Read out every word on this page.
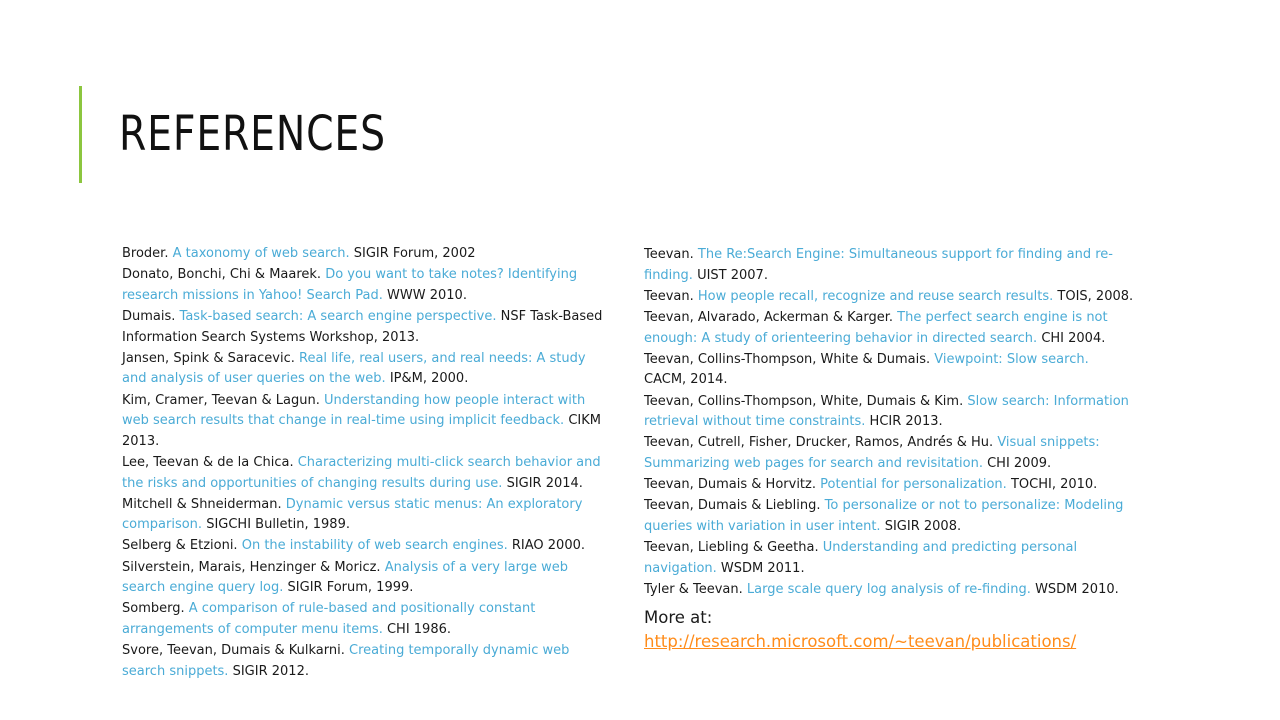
REFERENCES
Broder. A taxonomy of web search. SIGIR Forum, 2002
Donato, Bonchi, Chi & Maarek. Do you want to take notes? Identifying research missions in Yahoo! Search Pad. WWW 2010.
Dumais. Task-based search: A search engine perspective. NSF Task-Based Information Search Systems Workshop, 2013.
Jansen, Spink & Saracevic. Real life, real users, and real needs: A study and analysis of user queries on the web. IP&M, 2000.
Kim, Cramer, Teevan & Lagun. Understanding how people interact with web search results that change in real-time using implicit feedback. CIKM 2013.
Lee, Teevan & de la Chica. Characterizing multi-click search behavior and the risks and opportunities of changing results during use. SIGIR 2014.
Mitchell & Shneiderman. Dynamic versus static menus: An exploratory comparison. SIGCHI Bulletin, 1989.
Selberg & Etzioni. On the instability of web search engines. RIAO 2000.
Silverstein, Marais, Henzinger & Moricz. Analysis of a very large web search engine query log. SIGIR Forum, 1999.
Somberg. A comparison of rule-based and positionally constant arrangements of computer menu items. CHI 1986.
Svore, Teevan, Dumais & Kulkarni. Creating temporally dynamic web search snippets. SIGIR 2012.
Teevan. The Re:Search Engine: Simultaneous support for finding and re-finding. UIST 2007.
Teevan. How people recall, recognize and reuse search results. TOIS, 2008.
Teevan, Alvarado, Ackerman & Karger. The perfect search engine is not enough: A study of orienteering behavior in directed search. CHI 2004.
Teevan, Collins-Thompson, White & Dumais. Viewpoint: Slow search. CACM, 2014.
Teevan, Collins-Thompson, White, Dumais & Kim. Slow search: Information retrieval without time constraints. HCIR 2013.
Teevan, Cutrell, Fisher, Drucker, Ramos, André́s & Hu. Visual snippets: Summarizing web pages for search and revisitation. CHI 2009.
Teevan, Dumais & Horvitz. Potential for personalization. TOCHI, 2010.
Teevan, Dumais & Liebling. To personalize or not to personalize: Modeling queries with variation in user intent. SIGIR 2008.
Teevan, Liebling & Geetha. Understanding and predicting personal navigation. WSDM 2011.
Tyler & Teevan. Large scale query log analysis of re-finding. WSDM 2010.
More at: http://research.microsoft.com/~teevan/publications/
